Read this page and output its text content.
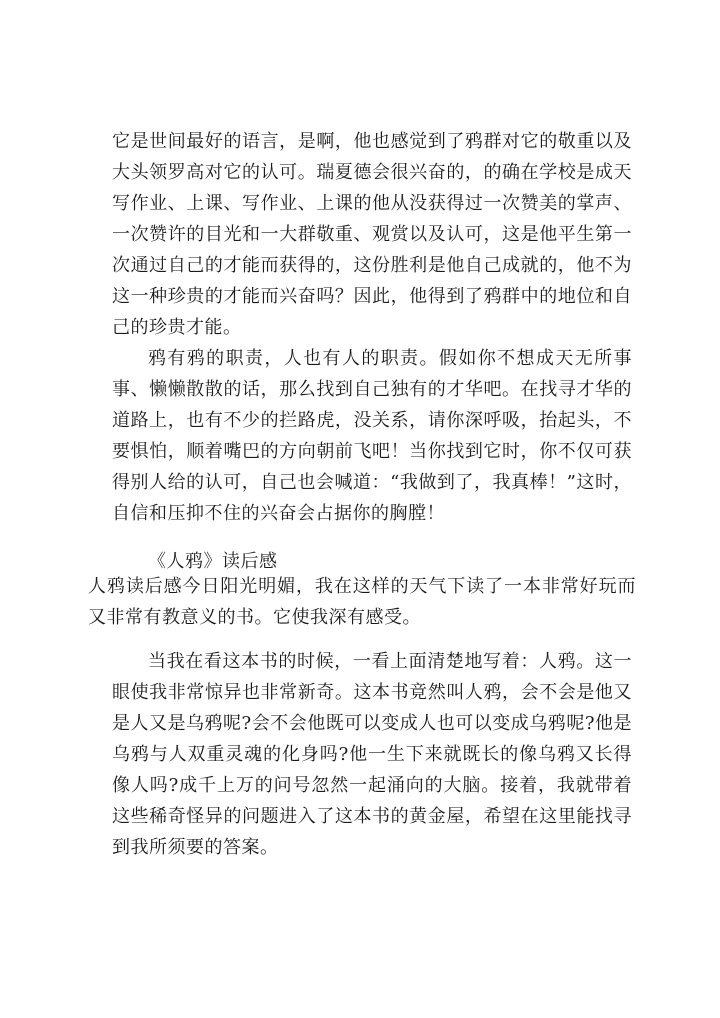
它是世间最好的语言，是啊，他也感觉到了鸦群对它的敬重以及大头领罗高对它的认可。瑞夏德会很兴奋的，的确在学校是成天写作业、上课、写作业、上课的他从没获得过一次赞美的掌声、一次赞许的目光和一大群敬重、观赏以及认可，这是他平生第一次通过自己的才能而获得的，这份胜利是他自己成就的，他不为这一种珍贵的才能而兴奋吗？因此，他得到了鸦群中的地位和自己的珍贵才能。

鸦有鸦的职责，人也有人的职责。假如你不想成天无所事事、懒懒散散的话，那么找到自己独有的才华吧。在找寻才华的道路上，也有不少的拦路虎，没关系，请你深呼吸，抬起头，不要惧怕，顺着嘴巴的方向朝前飞吧！当你找到它时，你不仅可获得别人给的认可，自己也会喊道：“我做到了，我真棒！”这时，自信和压抑不住的兴奋会占据你的胸膛！

《人鸦》读后感

人鸦读后感今日阳光明媚，我在这样的天气下读了一本非常好玩而又非常有教意义的书。它使我深有感受。

当我在看这本书的时候，一看上面清楚地写着：人鸦。这一眼使我非常惊异也非常新奇。这本书竟然叫人鸦，会不会是他又是人又是乌鸦呢?会不会他既可以变成人也可以变成乌鸦呢?他是乌鸦与人双重灵魂的化身吗?他一生下来就既长的像乌鸦又长得像人吗?成千上万的问号忽然一起涌向的大脑。接着，我就带着这些稀奇怪异的问题进入了这本书的黄金屋，希望在这里能找寻到我所须要的答案。
